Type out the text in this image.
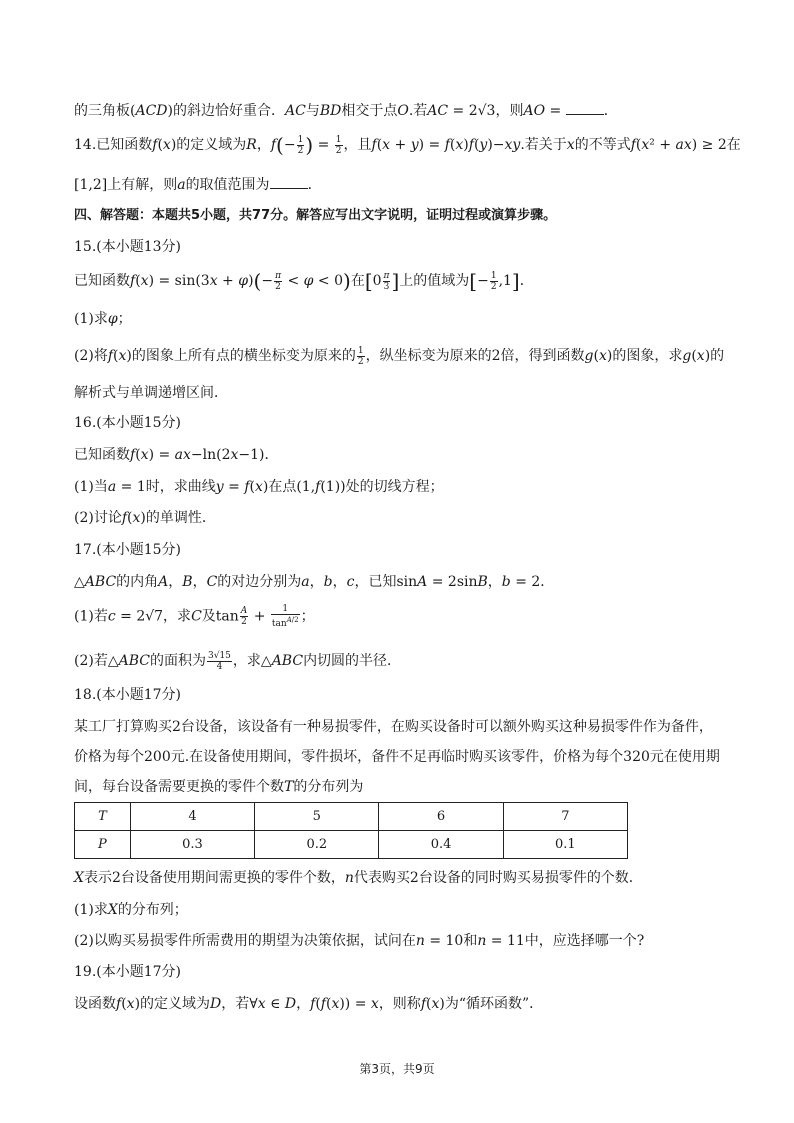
的三角板(ACD)的斜边恰好重合．AC与BD相交于点O.若AC = 2√3，则AO =	．
14.已知函数f(x)的定义域为R，$f(- \frac{1}{2}$ ) = $\frac{1}{2}$ ，且f(x + y) = f(x)f(y)−xy.若关于x的不等式f(x² + ax) ≥ 2在
[1,2]上有解，则a的取值范围为	．
四、解答题：本题共5小题，共77分。解答应写出文字说明，证明过程或演算步骤。
15.(本小题13分)
已知函数$f(x) = \sin(3x + \varphi)(- \frac{\pi}{2} < \varphi < 0)$在[$0 \frac{\pi}{3}$ ]上的值域为[− $\frac{1}{2} ,1$]．
(1)求φ；
(2)将f(x)的图象上所有点的横坐标变为原来的 $\frac{1}{2}$ ，纵坐标变为原来的2倍，得到函数g(x)的图象，求g(x)的
解析式与单调递增区间．
16.(本小题15分)
已知函数f(x) = ax−ln(2x−1)．
(1)当a = 1时，求曲线y = f(x)在点(1,f(1))处的切线方程；
(2)讨论f(x)的单调性．
17.(本小题15分)
△ABC的内角A，B，C的对边分别为a，b，c，已知sinA = 2sinB，b = 2．
(1)若c = 2√7，求C及$\tan \frac{A}{2} + \frac{1}{\tan^{A/2}}$ ；
(2)若△ABC的面积为 $\frac{3√15}{4}$ ，求△ABC内切圆的半径．
18.(本小题17分)
某工厂打算购买2台设备，该设备有一种易损零件，在购买设备时可以额外购买这种易损零件作为备件，
价格为每个200元.在设备使用期间，零件损坏，备件不足再临时购买该零件，价格为每个320元在使用期
间，每台设备需要更换的零件个数T的分布列为
T	4	5	6	7
P	0.3	0.2	0.4	0.1
X表示2台设备使用期间需更换的零件个数，n代表购买2台设备的同时购买易损零件的个数．
(1)求X的分布列；
(2)以购买易损零件所需费用的期望为决策依据，试问在n = 10和n = 11中，应选择哪一个?
19.(本小题17分)
设函数f(x)的定义域为D，若∀x ∈ D，f(f(x)) = x，则称f(x)为“循环函数”．
第3页，共9页
